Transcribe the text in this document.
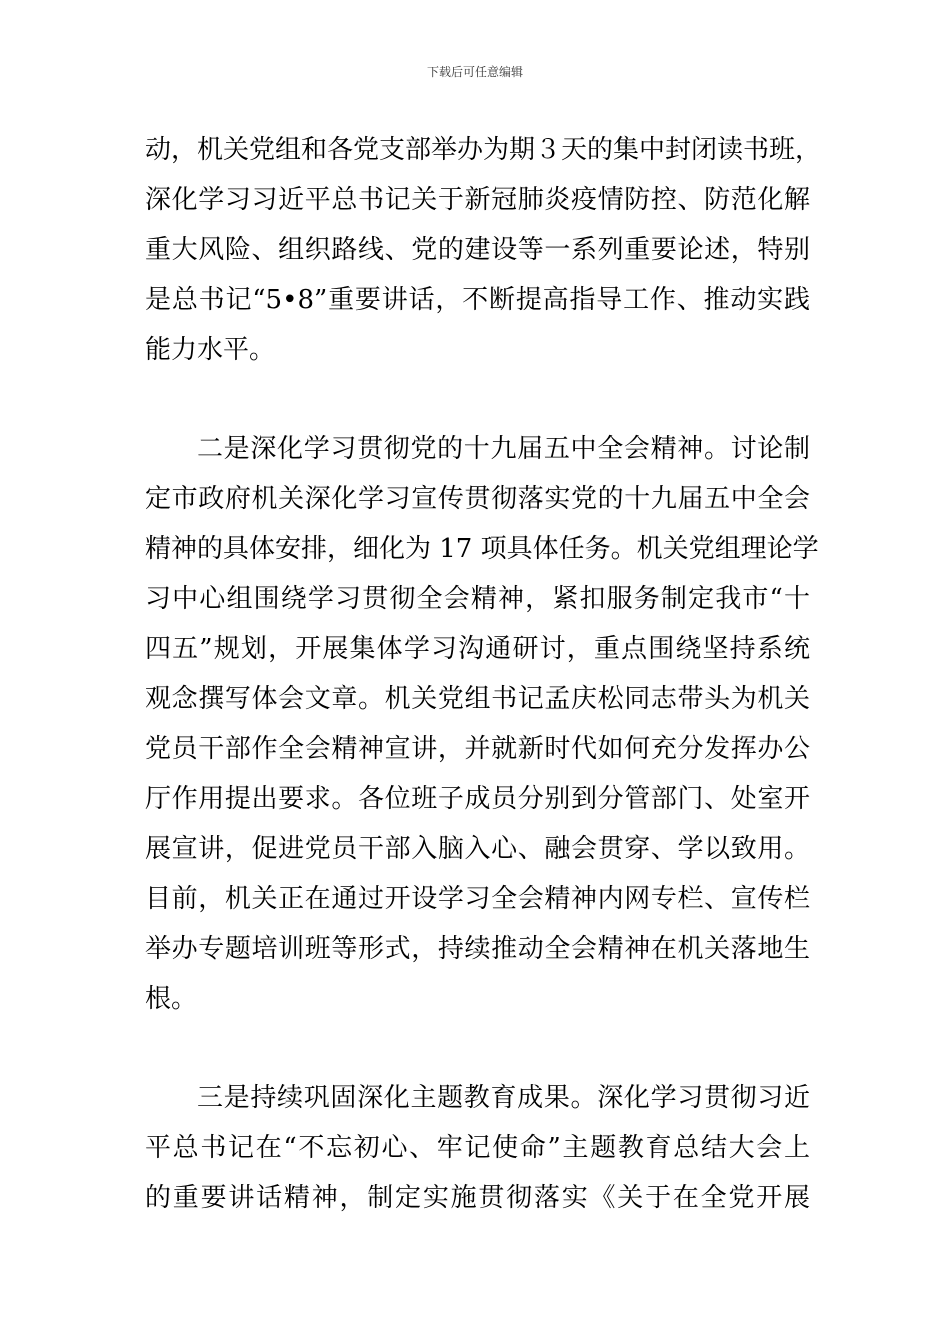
下载后可任意编辑
动，机关党组和各党支部举办为期３天的集中封闭读书班，
深化学习习近平总书记关于新冠肺炎疫情防控、防范化解
重大风险、组织路线、党的建设等一系列重要论述，特别
是总书记“5•8”重要讲话，不断提高指导工作、推动实践
能力水平。
二是深化学习贯彻党的十九届五中全会精神。讨论制
定市政府机关深化学习宣传贯彻落实党的十九届五中全会
精神的具体安排，细化为 17 项具体任务。机关党组理论学
习中心组围绕学习贯彻全会精神，紧扣服务制定我市“十
四五”规划，开展集体学习沟通研讨，重点围绕坚持系统
观念撰写体会文章。机关党组书记孟庆松同志带头为机关
党员干部作全会精神宣讲，并就新时代如何充分发挥办公
厅作用提出要求。各位班子成员分别到分管部门、处室开
展宣讲，促进党员干部入脑入心、融会贯穿、学以致用。
目前，机关正在通过开设学习全会精神内网专栏、宣传栏
举办专题培训班等形式，持续推动全会精神在机关落地生
根。
三是持续巩固深化主题教育成果。深化学习贯彻习近
平总书记在“不忘初心、牢记使命”主题教育总结大会上
的重要讲话精神，制定实施贯彻落实《关于在全党开展
